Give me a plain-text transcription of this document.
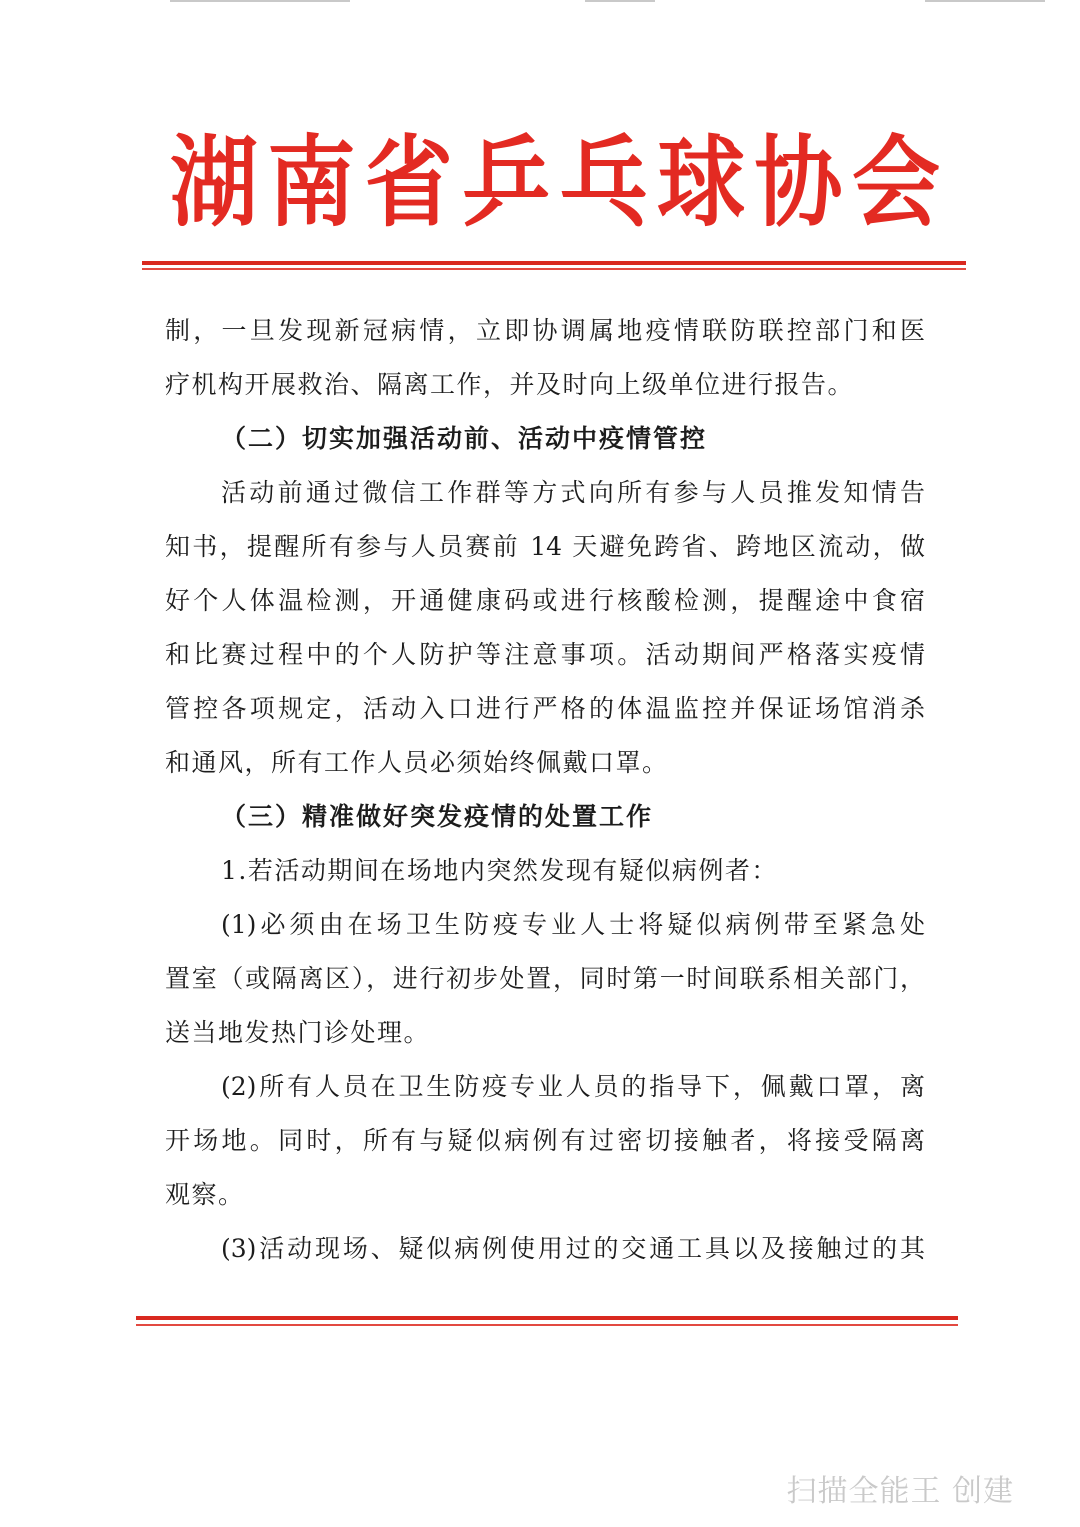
湖 南 省 乒 乓 球 协 会
制，一旦发现新冠病情，立即协调属地疫情联防联控部门和医
疗机构开展救治、隔离工作，并及时向上级单位进行报告。
（二）切实加强活动前、活动中疫情管控
活动前通过微信工作群等方式向所有参与人员推发知情告
知书，提醒所有参与人员赛前 14 天避免跨省、跨地区流动，做
好个人体温检测，开通健康码或进行核酸检测，提醒途中食宿
和比赛过程中的个人防护等注意事项。活动期间严格落实疫情
管控各项规定，活动入口进行严格的体温监控并保证场馆消杀
和通风，所有工作人员必须始终佩戴口罩。
（三）精准做好突发疫情的处置工作
1.若活动期间在场地内突然发现有疑似病例者：
(1)必须由在场卫生防疫专业人士将疑似病例带至紧急处
置室（或隔离区），进行初步处置，同时第一时间联系相关部门，
送当地发热门诊处理。
(2)所有人员在卫生防疫专业人员的指导下，佩戴口罩，离
开场地。同时，所有与疑似病例有过密切接触者，将接受隔离
观察。
(3)活动现场、疑似病例使用过的交通工具以及接触过的其
扫描全能王 创建
